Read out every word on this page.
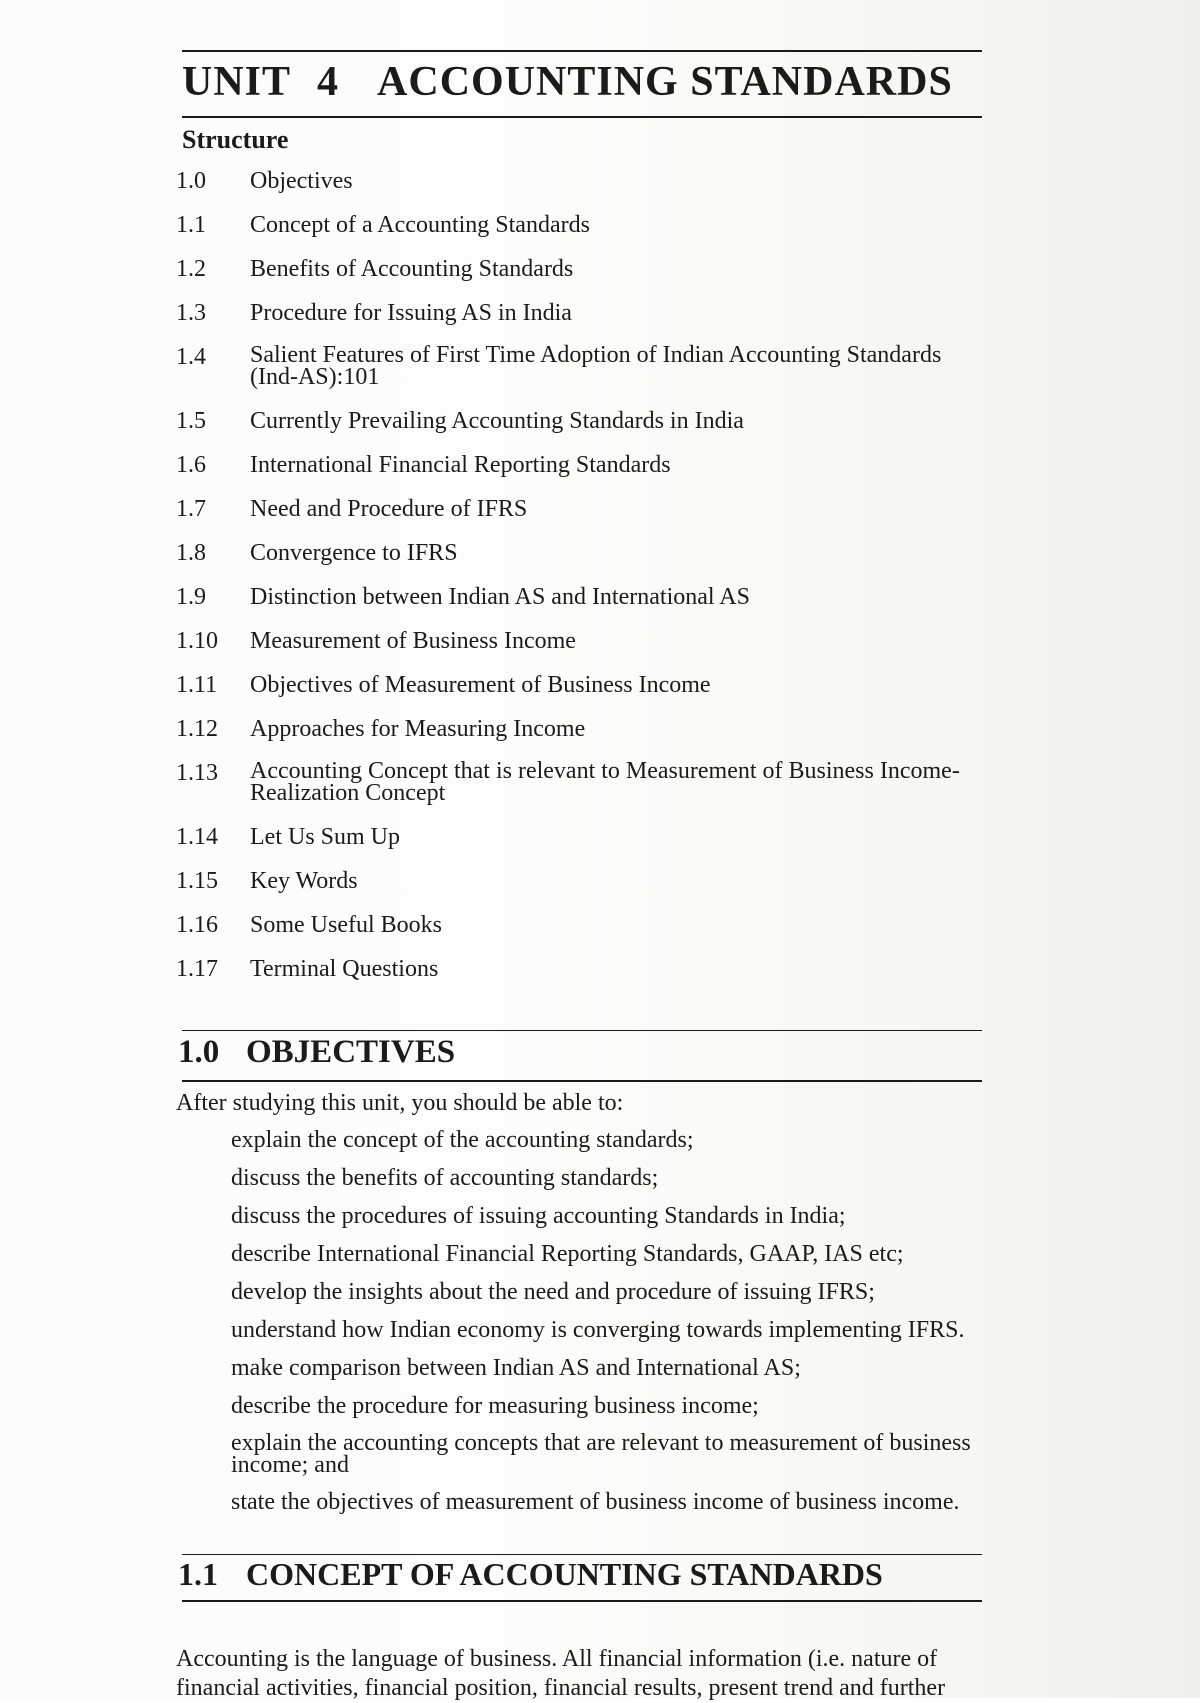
UNIT 4 ACCOUNTING STANDARDS
Structure
1.0	Objectives
1.1	Concept of a Accounting Standards
1.2	Benefits of Accounting Standards
1.3	Procedure for Issuing AS in India
1.4	Salient Features of First Time Adoption of Indian Accounting Standards (Ind-AS):101
1.5	Currently Prevailing Accounting Standards in India
1.6	International Financial Reporting Standards
1.7	Need and Procedure of IFRS
1.8	Convergence to IFRS
1.9	Distinction between Indian AS and International AS
1.10	Measurement of Business Income
1.11	Objectives of Measurement of Business Income
1.12	Approaches for Measuring Income
1.13	Accounting Concept that is relevant to Measurement of Business Income-Realization Concept
1.14	Let Us Sum Up
1.15	Key Words
1.16	Some Useful Books
1.17	Terminal Questions
1.0 OBJECTIVES
After studying this unit, you should be able to:
explain the concept of the accounting standards;
discuss the benefits of accounting standards;
discuss the procedures of issuing accounting Standards in India;
describe International Financial Reporting Standards, GAAP, IAS etc;
develop the insights about the need and procedure of issuing IFRS;
understand how Indian economy is converging towards implementing IFRS.
make comparison between Indian AS and International AS;
describe the procedure for measuring business income;
explain the accounting concepts that are relevant to measurement of business income; and
state the objectives of measurement of business income of business income.
1.1 CONCEPT OF ACCOUNTING STANDARDS
Accounting is the language of business. All financial information (i.e. nature of
financial activities, financial position, financial results, present trend and further
